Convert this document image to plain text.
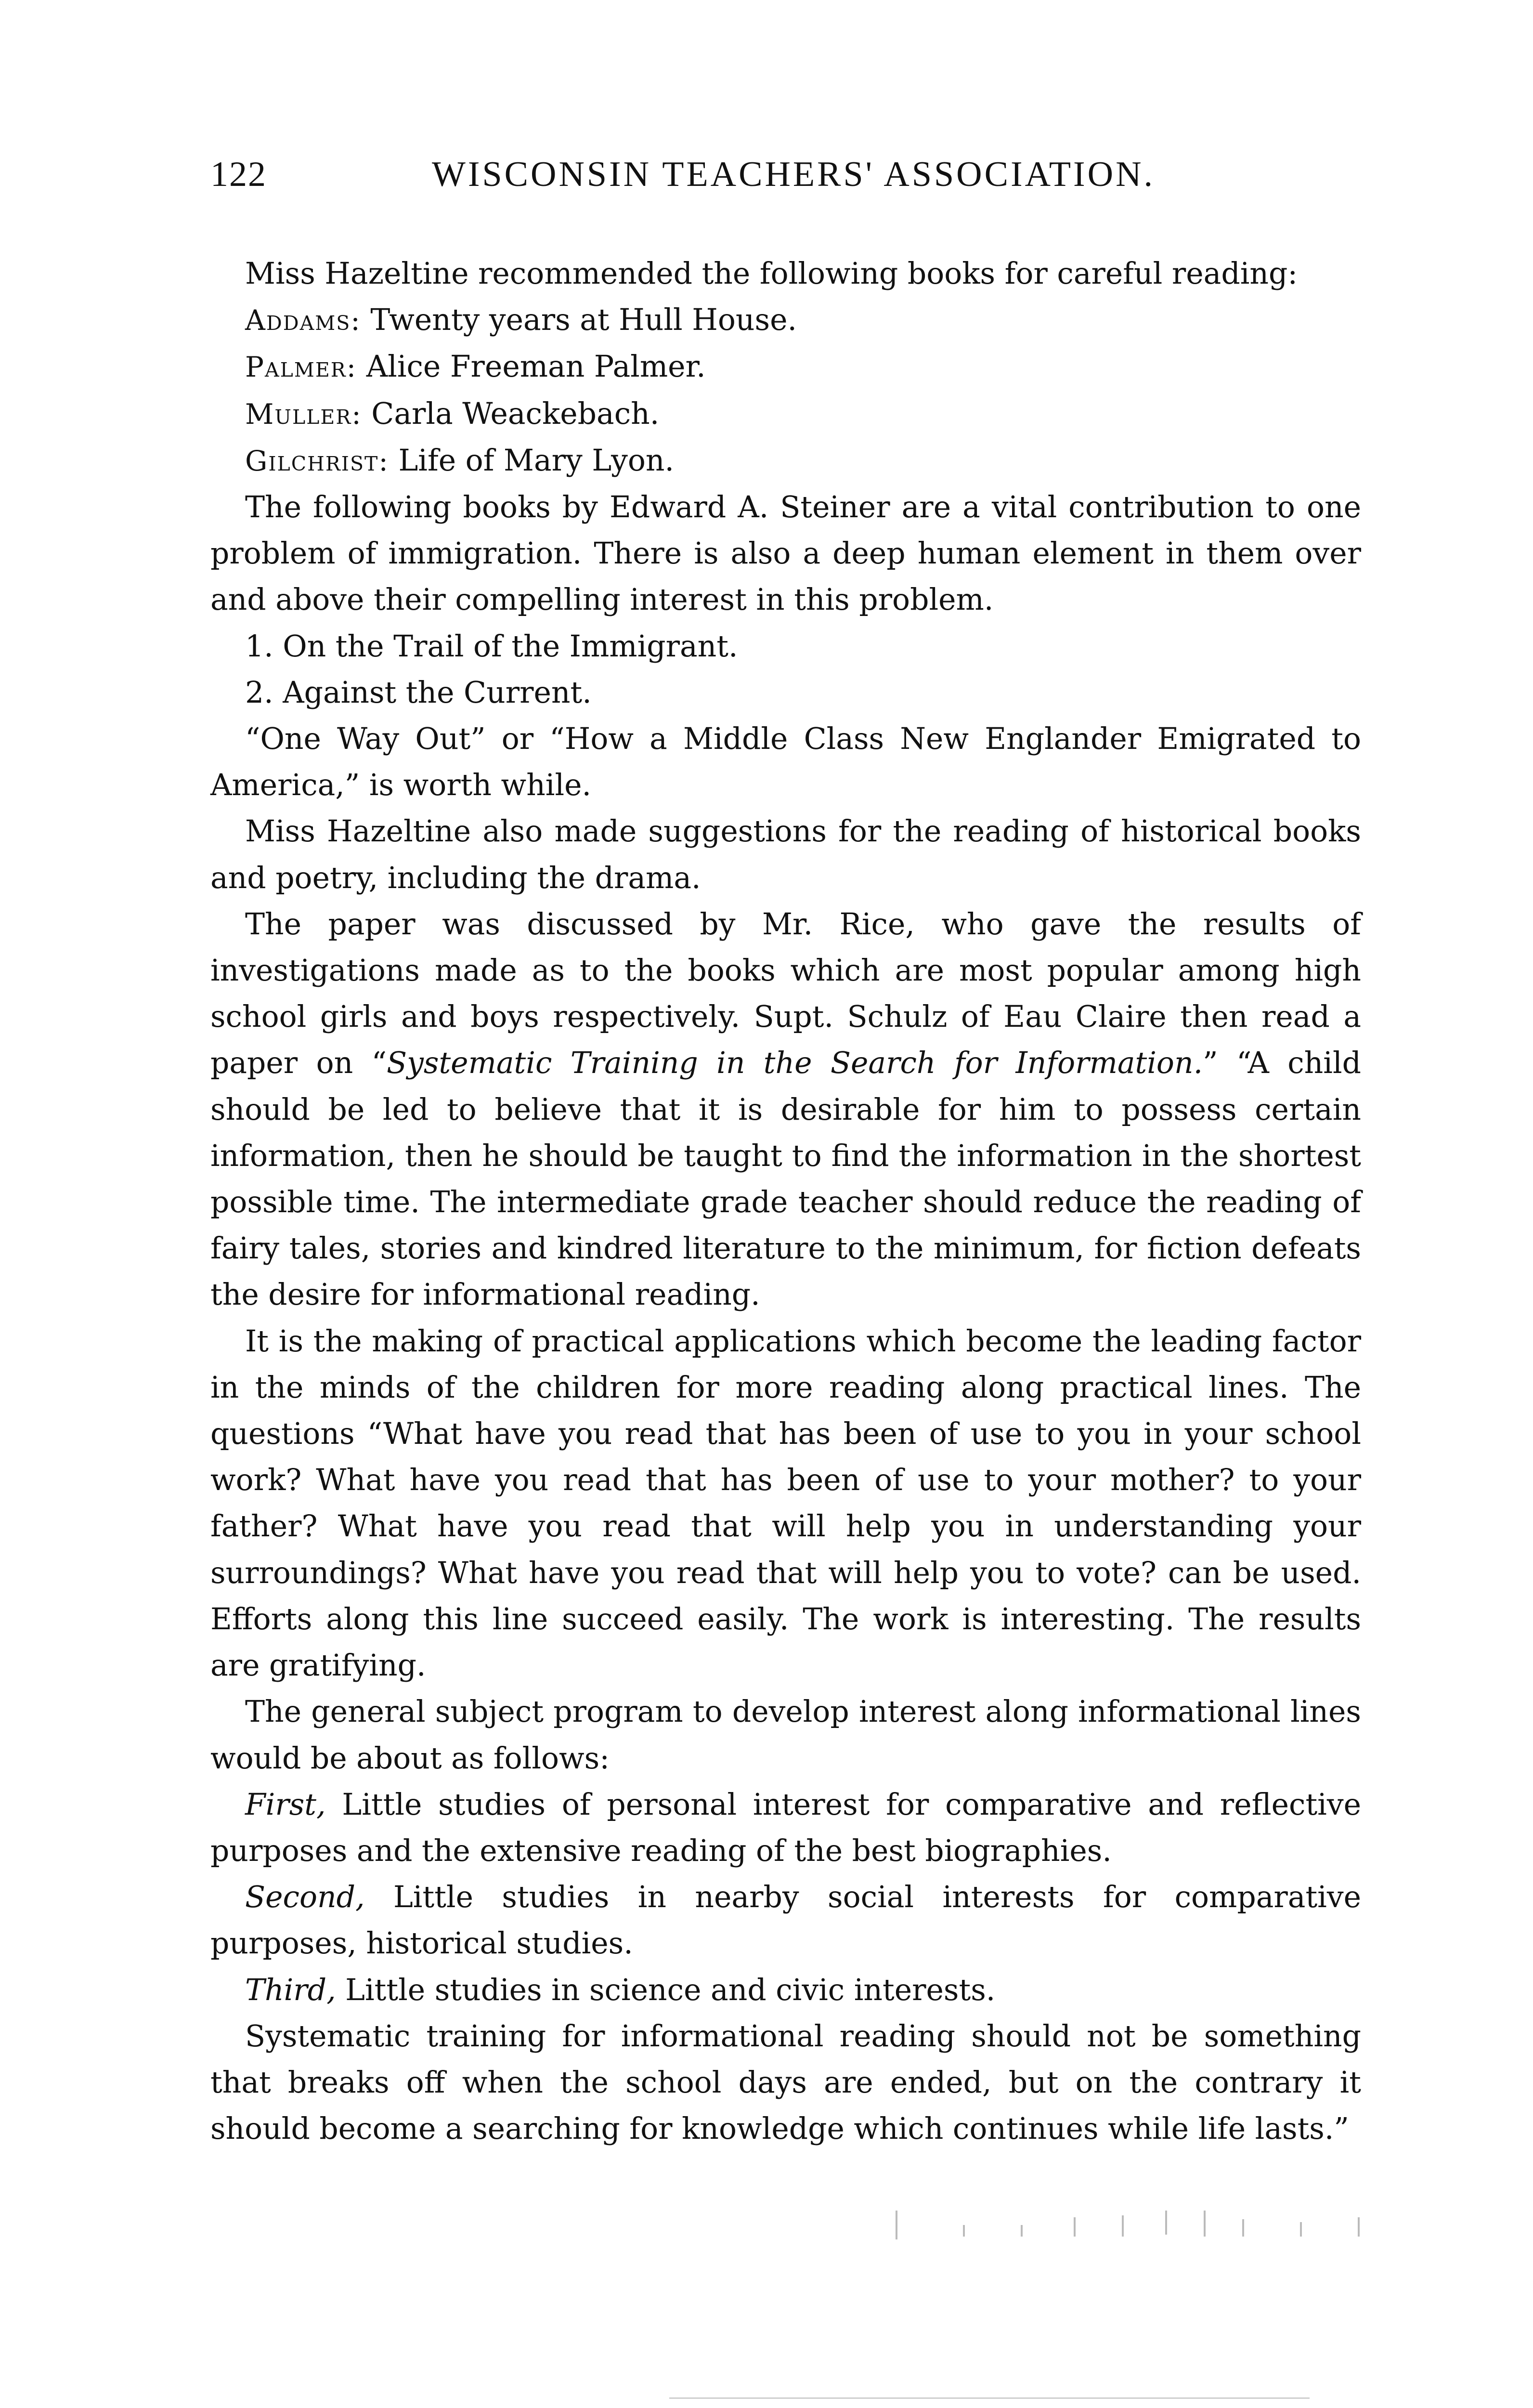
122	WISCONSIN TEACHERS' ASSOCIATION.

Miss Hazeltine recommended the following books for careful reading:

Addams: Twenty years at Hull House.

Palmer: Alice Freeman Palmer.

Muller: Carla Weackebach.

Gilchrist: Life of Mary Lyon.

The following books by Edward A. Steiner are a vital contribution to one problem of immigration. There is also a deep human element in them over and above their compelling interest in this problem.

1. On the Trail of the Immigrant.

2. Against the Current.

“One Way Out” or “How a Middle Class New Englander Emigrated to America,” is worth while.

Miss Hazeltine also made suggestions for the reading of historical books and poetry, including the drama.

The paper was discussed by Mr. Rice, who gave the results of investigations made as to the books which are most popular among high school girls and boys respectively. Supt. Schulz of Eau Claire then read a paper on “Systematic Training in the Search for Information.” “A child should be led to believe that it is desirable for him to possess certain information, then he should be taught to find the information in the shortest possible time. The intermediate grade teacher should reduce the reading of fairy tales, stories and kindred literature to the minimum, for fiction defeats the desire for informational reading.

It is the making of practical applications which become the leading factor in the minds of the children for more reading along practical lines. The questions “What have you read that has been of use to you in your school work? What have you read that has been of use to your mother? to your father? What have you read that will help you in understanding your surroundings? What have you read that will help you to vote? can be used. Efforts along this line succeed easily. The work is interesting. The results are gratifying.

The general subject program to develop interest along informational lines would be about as follows:

First, Little studies of personal interest for comparative and reflective purposes and the extensive reading of the best biographies.

Second, Little studies in nearby social interests for comparative purposes, historical studies.

Third, Little studies in science and civic interests.

Systematic training for informational reading should not be something that breaks off when the school days are ended, but on the contrary it should become a searching for knowledge which continues while life lasts.”
